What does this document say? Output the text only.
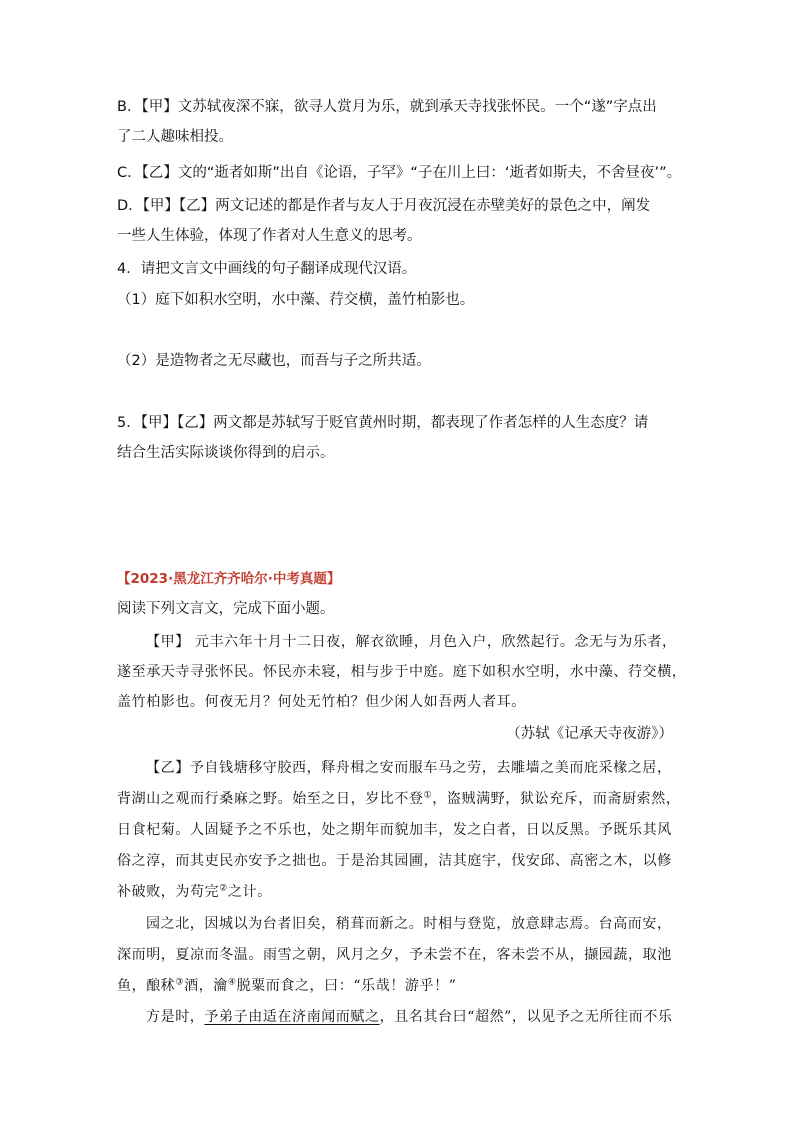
B．【甲】文苏轼夜深不寐，欲寻人赏月为乐，就到承天寺找张怀民。一个“遂”字点出
了二人趣味相投。
C．【乙】文的“逝者如斯”出自《论语，子罕》“子在川上曰：‘逝者如斯夫，不舍昼夜’”。
D．【甲】【乙】两文记述的都是作者与友人于月夜沉浸在赤壁美好的景色之中，阐发
一些人生体验，体现了作者对人生意义的思考。
4．请把文言文中画线的句子翻译成现代汉语。
（1）庭下如积水空明，水中藻、荇交横，盖竹柏影也。
（2）是造物者之无尽藏也，而吾与子之所共适。
5．【甲】【乙】两文都是苏轼写于贬官黄州时期，都表现了作者怎样的人生态度？请
结合生活实际谈谈你得到的启示。
【2023·黑龙江齐齐哈尔·中考真题】
阅读下列文言文，完成下面小题。
【甲】 元丰六年十月十二日夜，解衣欲睡，月色入户，欣然起行。念无与为乐者，
遂至承天寺寻张怀民。怀民亦未寝，相与步于中庭。庭下如积水空明，水中藻、荇交横，
盖竹柏影也。何夜无月？何处无竹柏？但少闲人如吾两人者耳。
（苏轼《记承天寺夜游》）
【乙】予自钱塘移守胶西，释舟楫之安而服车马之劳，去雕墙之美而庇采椽之居，
背湖山之观而行桑麻之野。始至之日，岁比不登①，盗贼满野，狱讼充斥，而斋厨索然，
日食杞菊。人固疑予之不乐也，处之期年而貌加丰，发之白者，日以反黑。予既乐其风
俗之淳，而其吏民亦安予之拙也。于是治其园圃，洁其庭宇，伐安邱、高密之木，以修
补破败，为苟完②之计。
园之北，因城以为台者旧矣，稍葺而新之。时相与登览，放意肆志焉。台高而安，
深而明，夏凉而冬温。雨雪之朝，风月之夕，予未尝不在，客未尝不从，撷园蔬，取池
鱼，酿秫③酒，瀹④脱粟而食之，曰：“乐哉！游乎！”
方是时，予弟子由适在济南闻而赋之，且名其台曰“超然”，以见予之无所往而不乐
